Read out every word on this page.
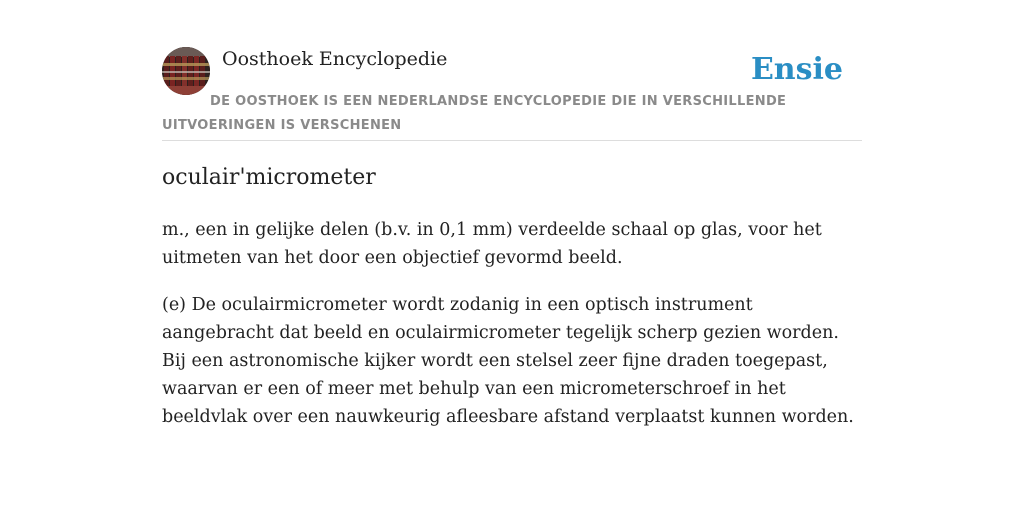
Oosthoek Encyclopedie	Ensie
DE OOSTHOEK IS EEN NEDERLANDSE ENCYCLOPEDIE DIE IN VERSCHILLENDE UITVOERINGEN IS VERSCHENEN
oculair'micrometer

m., een in gelijke delen (b.v. in 0,1 mm) verdeelde schaal op glas, voor het uitmeten van het door een objectief gevormd beeld.

(e) De oculairmicrometer wordt zodanig in een optisch instrument aangebracht dat beeld en oculairmicrometer tegelijk scherp gezien worden. Bij een astronomische kijker wordt een stelsel zeer fijne draden toegepast, waarvan er een of meer met behulp van een micrometerschroef in het beeldvlak over een nauwkeurig afleesbare afstand verplaatst kunnen worden.
